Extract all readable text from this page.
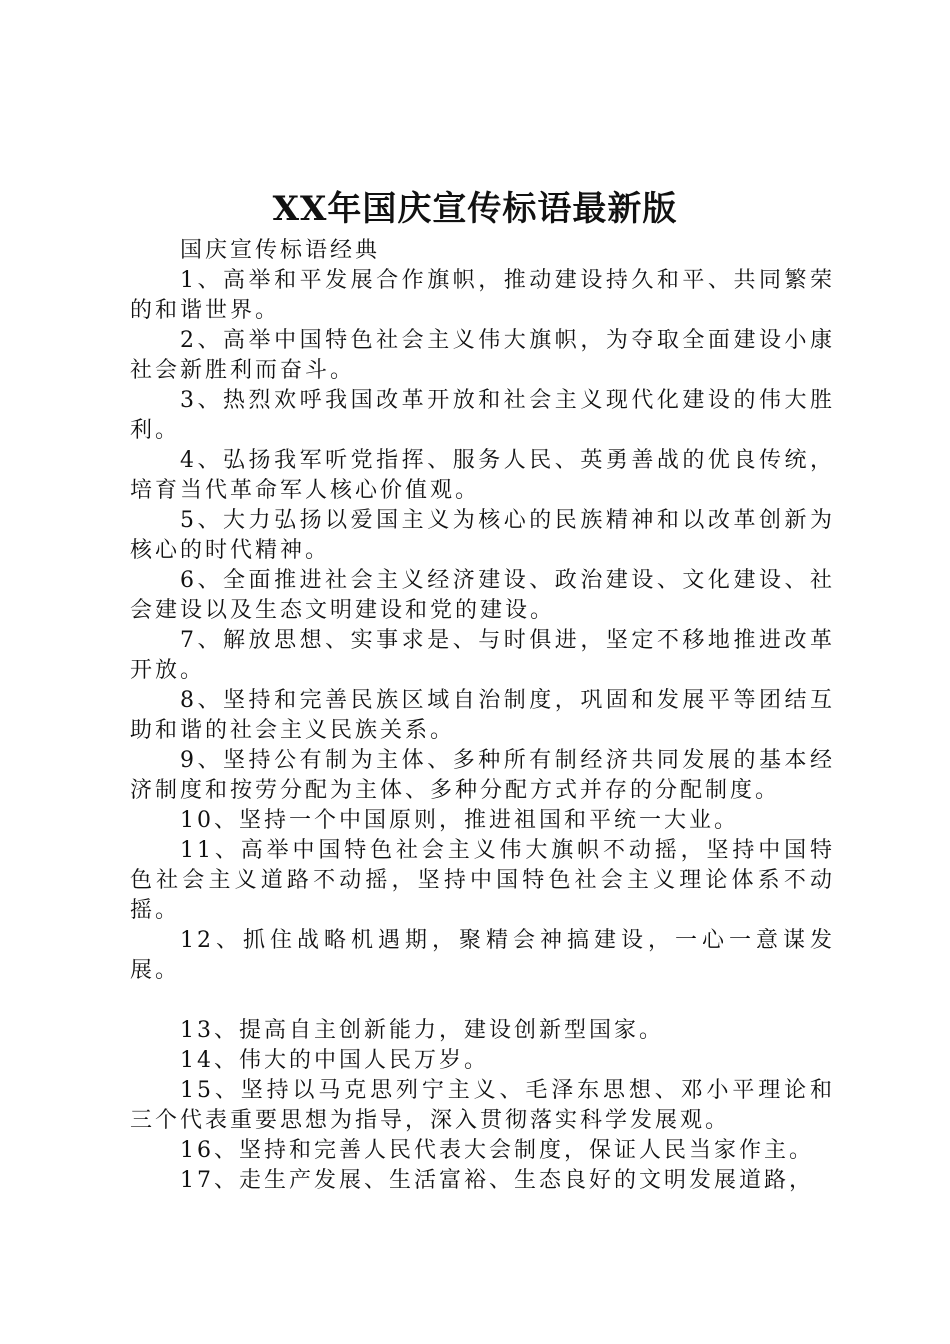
XX年国庆宣传标语最新版

国庆宣传标语经典

1、高举和平发展合作旗帜，推动建设持久和平、共同繁荣的和谐世界。

2、高举中国特色社会主义伟大旗帜，为夺取全面建设小康社会新胜利而奋斗。

3、热烈欢呼我国改革开放和社会主义现代化建设的伟大胜利。

4、弘扬我军听党指挥、服务人民、英勇善战的优良传统，培育当代革命军人核心价值观。

5、大力弘扬以爱国主义为核心的民族精神和以改革创新为核心的时代精神。

6、全面推进社会主义经济建设、政治建设、文化建设、社会建设以及生态文明建设和党的建设。

7、解放思想、实事求是、与时俱进，坚定不移地推进改革开放。

8、坚持和完善民族区域自治制度，巩固和发展平等团结互助和谐的社会主义民族关系。

9、坚持公有制为主体、多种所有制经济共同发展的基本经济制度和按劳分配为主体、多种分配方式并存的分配制度。

10、坚持一个中国原则，推进祖国和平统一大业。

11、高举中国特色社会主义伟大旗帜不动摇，坚持中国特色社会主义道路不动摇，坚持中国特色社会主义理论体系不动摇。

12、抓住战略机遇期，聚精会神搞建设，一心一意谋发展。

13、提高自主创新能力，建设创新型国家。

14、伟大的中国人民万岁。

15、坚持以马克思列宁主义、毛泽东思想、邓小平理论和三个代表重要思想为指导，深入贯彻落实科学发展观。

16、坚持和完善人民代表大会制度，保证人民当家作主。

17、走生产发展、生活富裕、生态良好的文明发展道路，
